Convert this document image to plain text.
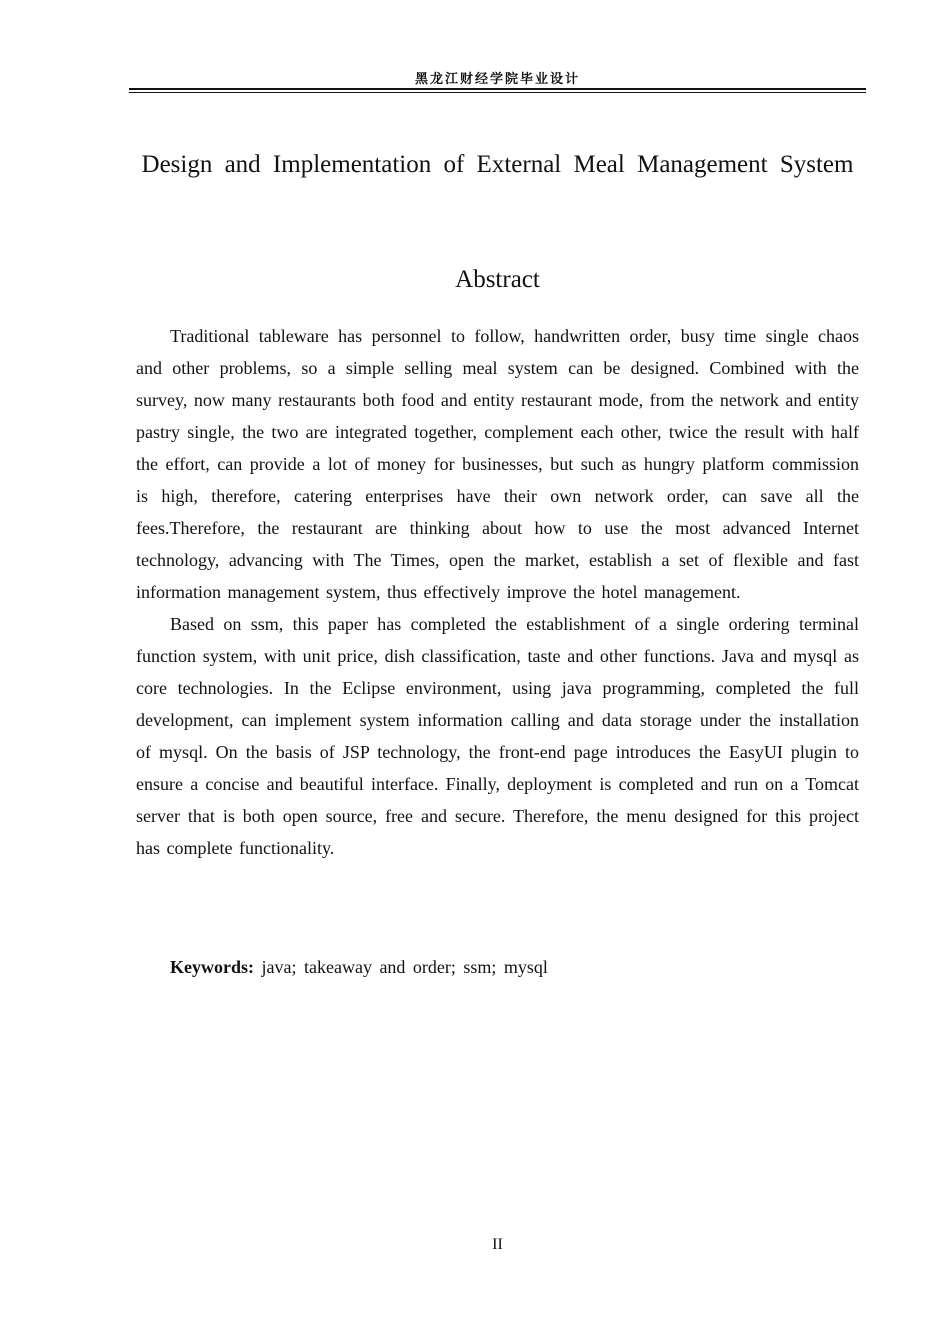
黑龙江财经学院毕业设计
Design and Implementation of External Meal Management System
Abstract

Traditional tableware has personnel to follow, handwritten order, busy time single chaos and other problems, so a simple selling meal system can be designed. Combined with the survey, now many restaurants both food and entity restaurant mode, from the network and entity pastry single, the two are integrated together, complement each other, twice the result with half the effort, can provide a lot of money for businesses, but such as hungry platform commission is high, therefore, catering enterprises have their own network order, can save all the fees.Therefore, the restaurant are thinking about how to use the most advanced Internet technology, advancing with The Times, open the market, establish a set of flexible and fast information management system, thus effectively improve the hotel management.

Based on ssm, this paper has completed the establishment of a single ordering terminal function system, with unit price, dish classification, taste and other functions. Java and mysql as core technologies. In the Eclipse environment, using java programming, completed the full development, can implement system information calling and data storage under the installation of mysql. On the basis of JSP technology, the front-end page introduces the EasyUI plugin to ensure a concise and beautiful interface. Finally, deployment is completed and run on a Tomcat server that is both open source, free and secure. Therefore, the menu designed for this project has complete functionality.

Keywords: java; takeaway and order; ssm; mysql
II
